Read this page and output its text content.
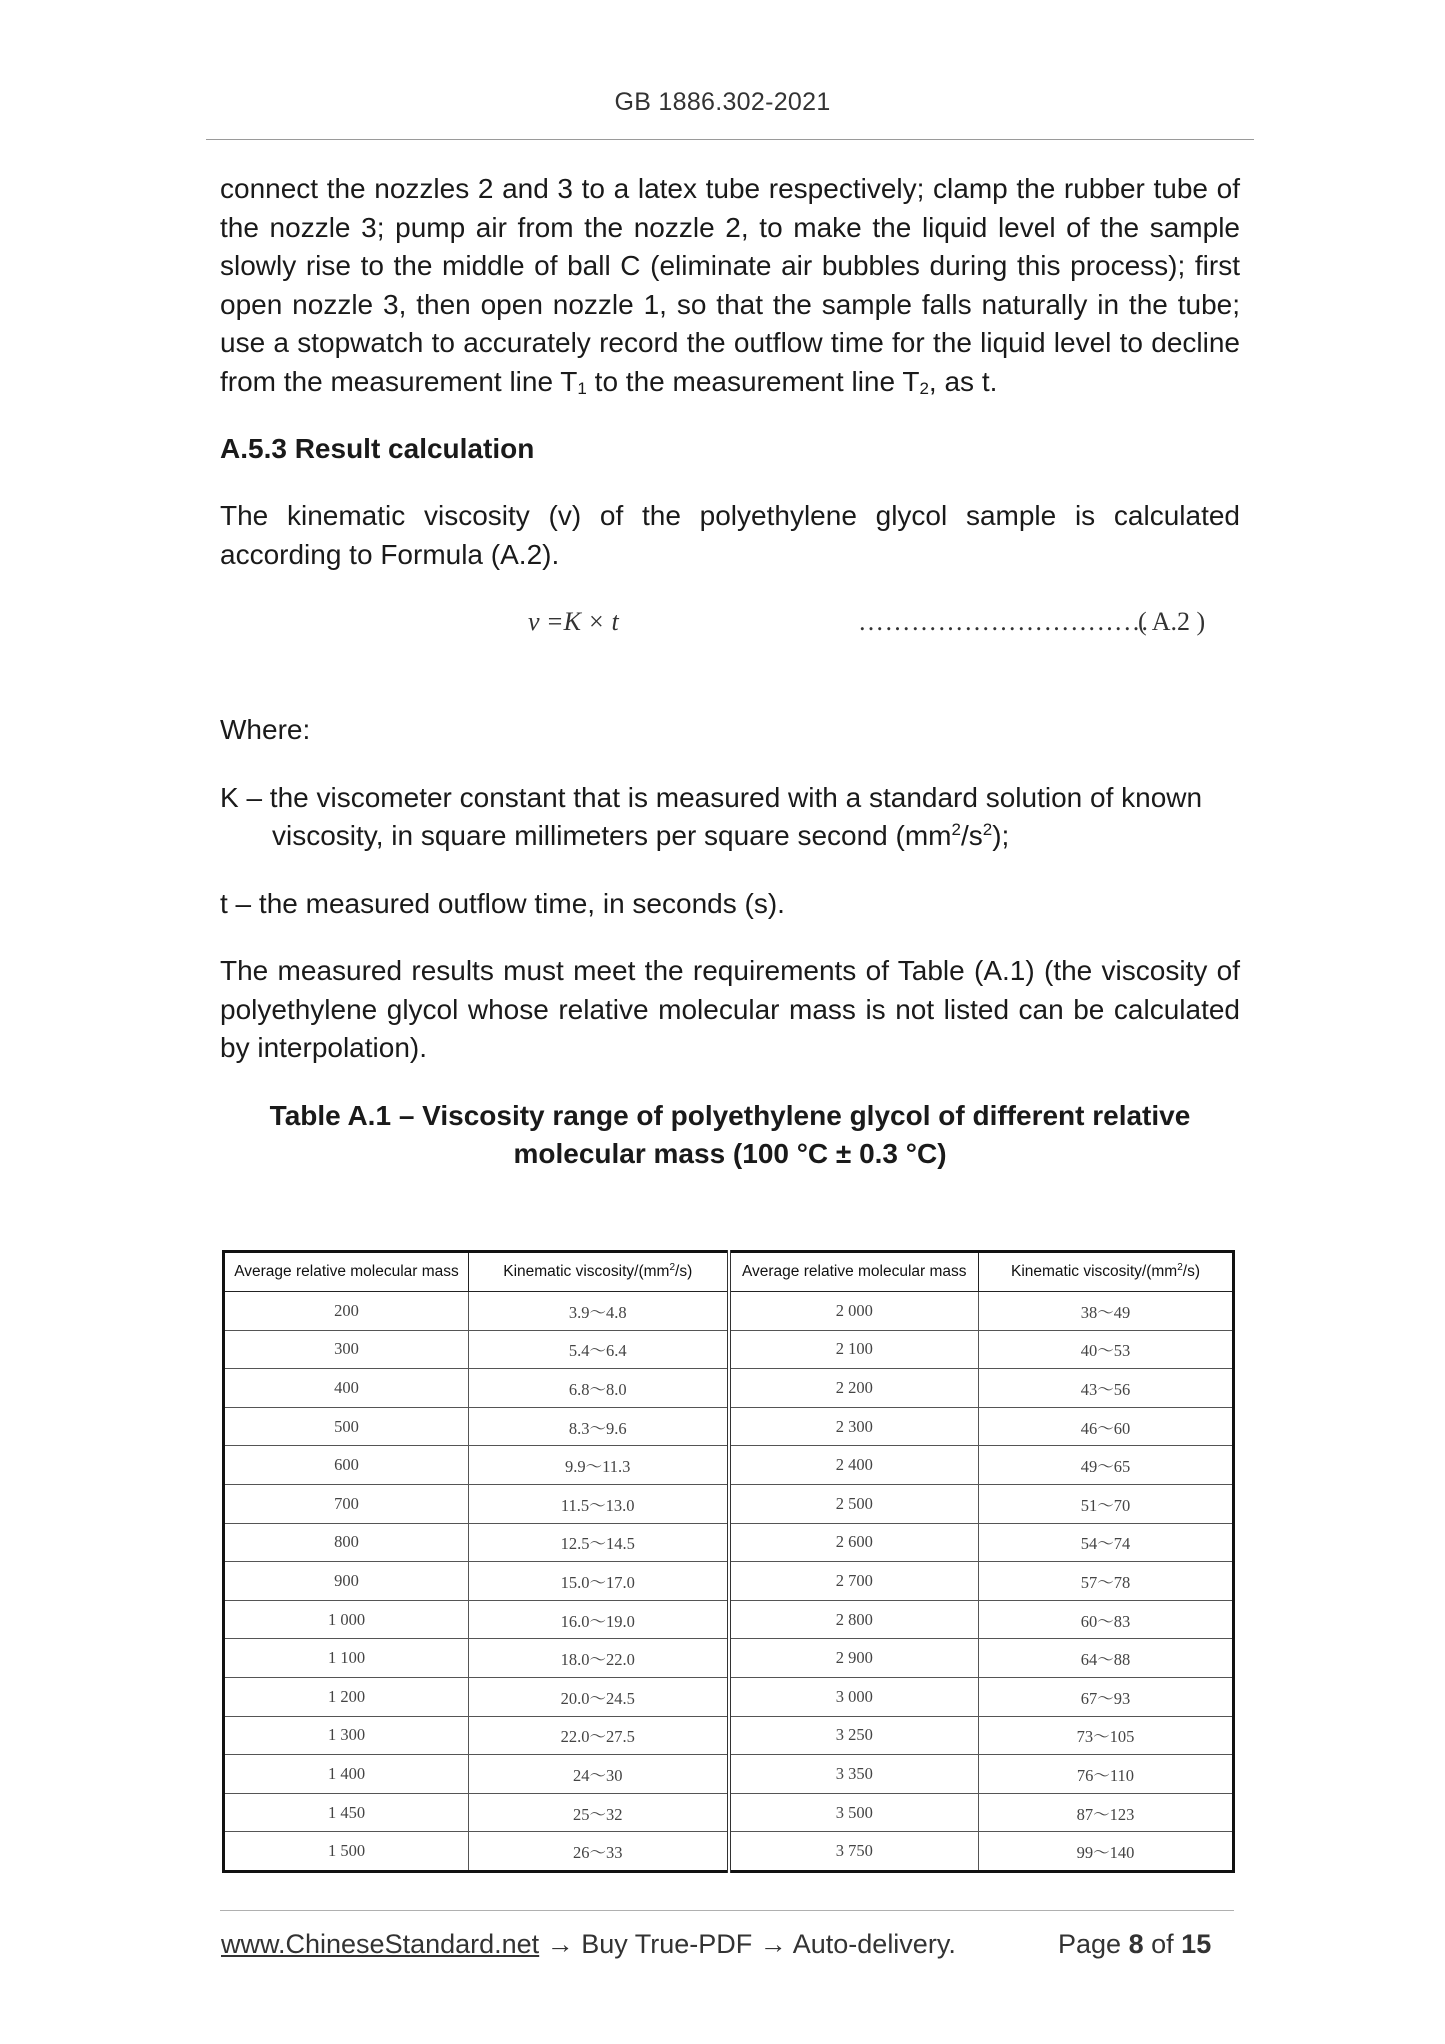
GB 1886.302-2021

connect the nozzles 2 and 3 to a latex tube respectively; clamp the rubber tube of the nozzle 3; pump air from the nozzle 2, to make the liquid level of the sample slowly rise to the middle of ball C (eliminate air bubbles during this process); first open nozzle 3, then open nozzle 1, so that the sample falls naturally in the tube; use a stopwatch to accurately record the outflow time for the liquid level to decline from the measurement line $T_1$ to the measurement line $T_2$, as t.

A.5.3 Result calculation

The kinematic viscosity (v) of the polyethylene glycol sample is calculated according to Formula (A.2).

ν =K × t	……………………………
( A.2 )

Where:

K – the viscometer constant that is measured with a standard solution of known viscosity, in square millimeters per square second $(mm^2/s^2)$;

t – the measured outflow time, in seconds (s).

The measured results must meet the requirements of Table (A.1) (the viscosity of polyethylene glycol whose relative molecular mass is not listed can be calculated by interpolation).

Table A.1 – Viscosity range of polyethylene glycol of different relative
molecular mass (100 °C ± 0.3 °C)
Average relative molecular mass	Kinematic viscosity/$(mm^2/s)$	Average relative molecular mass	Kinematic viscosity/$(mm^2/s)$
200	3.9～4.8	2 000	38～49
300	5.4～6.4	2 100	40～53
400	6.8～8.0	2 200	43～56
500	8.3～9.6	2 300	46～60
600	9.9～11.3	2 400	49～65
700	11.5～13.0	2 500	51～70
800	12.5～14.5	2 600	54～74
900	15.0～17.0	2 700	57～78
1 000	16.0～19.0	2 800	60～83
1 100	18.0～22.0	2 900	64～88
1 200	20.0～24.5	3 000	67～93
1 300	22.0～27.5	3 250	73～105
1 400	24～30	3 350	76～110
1 450	25～32	3 500	87～123
1 500	26～33	3 750	99～140
www.ChineseStandard.net → Buy True-PDF → Auto-delivery.	Page 8 of 15
